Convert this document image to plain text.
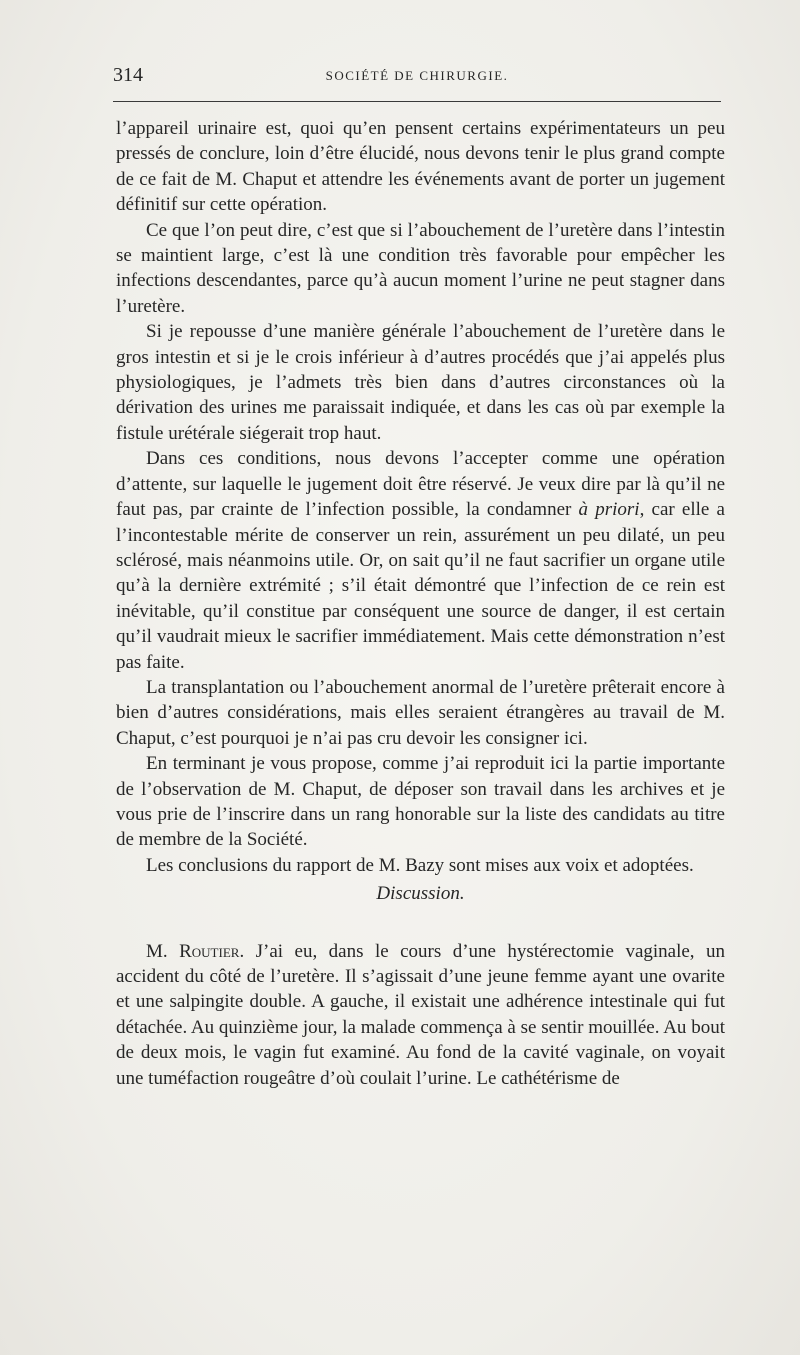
314	SOCIÉTÉ DE CHIRURGIE.

l’appareil urinaire est, quoi qu’en pensent certains expérimentateurs un peu pressés de conclure, loin d’être élucidé, nous devons tenir le plus grand compte de ce fait de M. Chaput et attendre les événements avant de porter un jugement définitif sur cette opération.

Ce que l’on peut dire, c’est que si l’abouchement de l’uretère dans l’intestin se maintient large, c’est là une condition très favorable pour empêcher les infections descendantes, parce qu’à aucun moment l’urine ne peut stagner dans l’uretère.

Si je repousse d’une manière générale l’abouchement de l’uretère dans le gros intestin et si je le crois inférieur à d’autres procédés que j’ai appelés plus physiologiques, je l’admets très bien dans d’autres circonstances où la dérivation des urines me paraissait indiquée, et dans les cas où par exemple la fistule urétérale siégerait trop haut.

Dans ces conditions, nous devons l’accepter comme une opération d’attente, sur laquelle le jugement doit être réservé. Je veux dire par là qu’il ne faut pas, par crainte de l’infection possible, la condamner à priori, car elle a l’incontestable mérite de conserver un rein, assurément un peu dilaté, un peu sclérosé, mais néanmoins utile. Or, on sait qu’il ne faut sacrifier un organe utile qu’à la dernière extrémité ; s’il était démontré que l’infection de ce rein est inévitable, qu’il constitue par conséquent une source de danger, il est certain qu’il vaudrait mieux le sacrifier immédiatement. Mais cette démonstration n’est pas faite.

La transplantation ou l’abouchement anormal de l’uretère prêterait encore à bien d’autres considérations, mais elles seraient étrangères au travail de M. Chaput, c’est pourquoi je n’ai pas cru devoir les consigner ici.

En terminant je vous propose, comme j’ai reproduit ici la partie importante de l’observation de M. Chaput, de déposer son travail dans les archives et je vous prie de l’inscrire dans un rang honorable sur la liste des candidats au titre de membre de la Société.

Les conclusions du rapport de M. Bazy sont mises aux voix et adoptées.

Discussion.

M. Routier. J’ai eu, dans le cours d’une hystérectomie vaginale, un accident du côté de l’uretère. Il s’agissait d’une jeune femme ayant une ovarite et une salpingite double. A gauche, il existait une adhérence intestinale qui fut détachée. Au quinzième jour, la malade commença à se sentir mouillée. Au bout de deux mois, le vagin fut examiné. Au fond de la cavité vaginale, on voyait une tuméfaction rougeâtre d’où coulait l’urine. Le cathétérisme de
